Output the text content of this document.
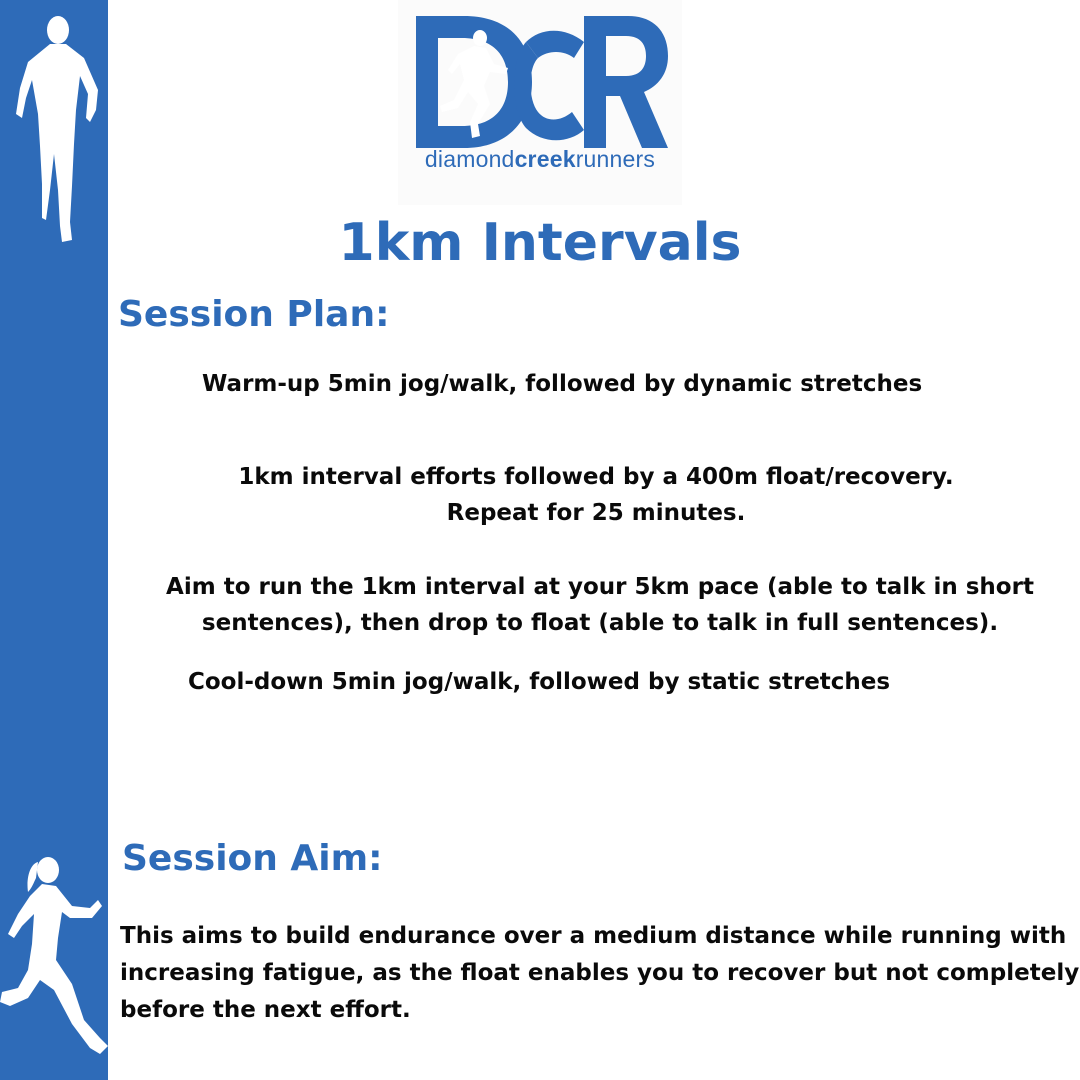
diamondcreekrunners
1km Intervals
Session Plan:
Warm-up 5min jog/walk, followed by dynamic stretches
1km interval efforts followed by a 400m float/recovery.
Repeat for 25 minutes.
Aim to run the 1km interval at your 5km pace (able to talk in short
sentences), then drop to float (able to talk in full sentences).
Cool-down 5min jog/walk, followed by static stretches
Session Aim:
This aims to build endurance over a medium distance while running with
increasing fatigue, as the float enables you to recover but not completely
before the next effort.
